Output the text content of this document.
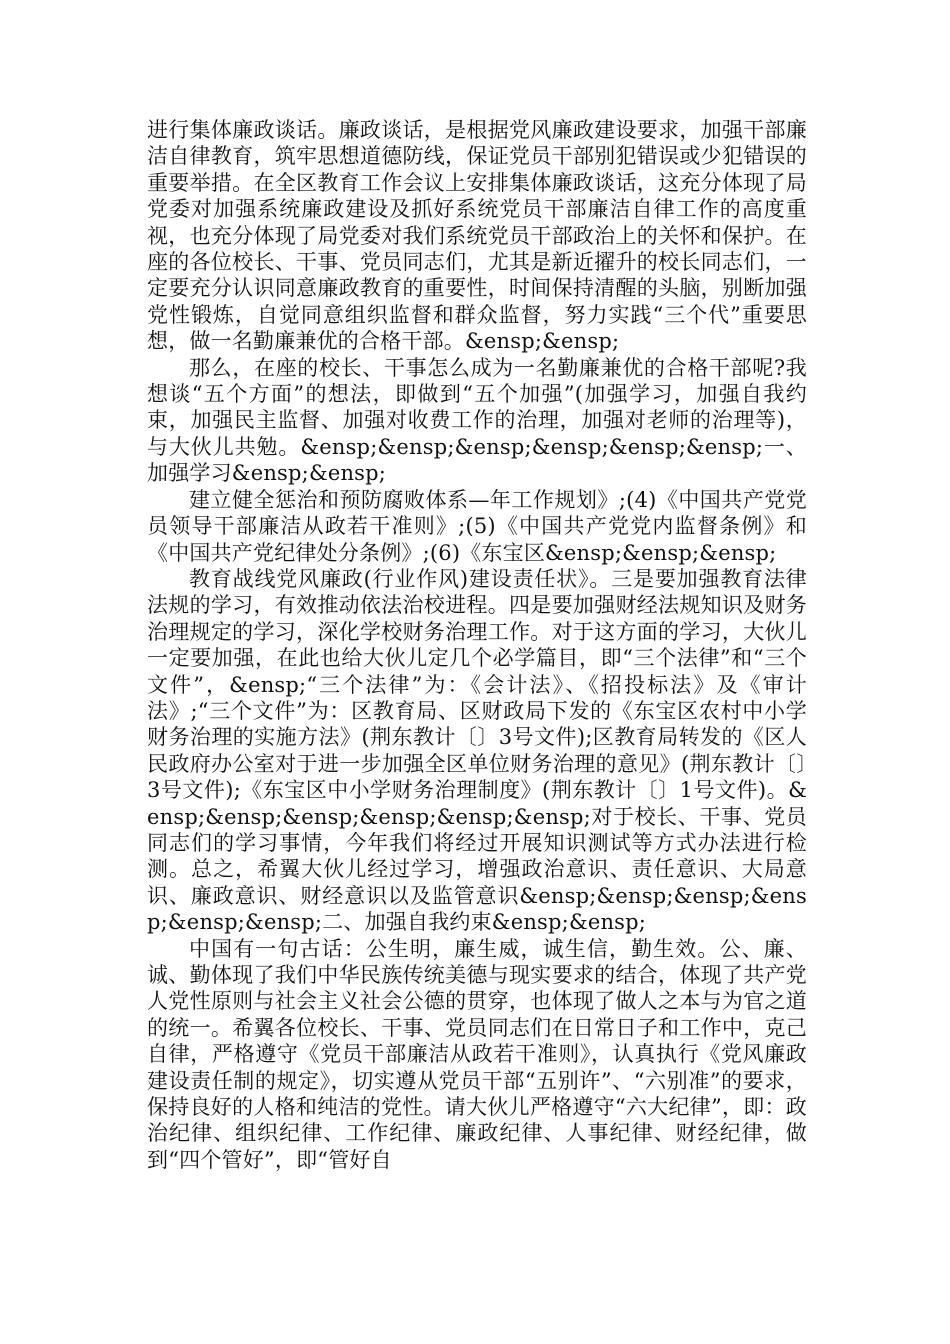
进行集体廉政谈话。廉政谈话，是根据党风廉政建设要求，加强干部廉洁自律教育，筑牢思想道德防线，保证党员干部别犯错误或少犯错误的重要举措。在全区教育工作会议上安排集体廉政谈话，这充分体现了局党委对加强系统廉政建设及抓好系统党员干部廉洁自律工作的高度重视，也充分体现了局党委对我们系统党员干部政治上的关怀和保护。在座的各位校长、干事、党员同志们，尤其是新近擢升的校长同志们，一定要充分认识同意廉政教育的重要性，时间保持清醒的头脑，别断加强党性锻炼，自觉同意组织监督和群众监督，努力实践“三个代”重要思想，做一名勤廉兼优的合格干部。&ensp;&ensp;

那么，在座的校长、干事怎么成为一名勤廉兼优的合格干部呢?我想谈“五个方面”的想法，即做到“五个加强”(加强学习，加强自我约束，加强民主监督、加强对收费工作的治理，加强对老师的治理等)，与大伙儿共勉。&ensp;&ensp;&ensp;&ensp;&ensp;&ensp;一、加强学习&ensp;&ensp;

建立健全惩治和预防腐败体系—年工作规划》;(4)《中国共产党党员领导干部廉洁从政若干准则》;(5)《中国共产党党内监督条例》和《中国共产党纪律处分条例》;(6)《东宝区&ensp;&ensp;&ensp;

教育战线党风廉政(行业作风)建设责任状》。三是要加强教育法律法规的学习，有效推动依法治校进程。四是要加强财经法规知识及财务治理规定的学习，深化学校财务治理工作。对于这方面的学习，大伙儿一定要加强，在此也给大伙儿定几个必学篇目，即“三个法律”和“三个文件”，&ensp;“三个法律”为：《会计法》、《招投标法》及《审计法》;“三个文件”为：区教育局、区财政局下发的《东宝区农村中小学财务治理的实施方法》(荆东教计〔〕3号文件);区教育局转发的《区人民政府办公室对于进一步加强全区单位财务治理的意见》(荆东教计〔〕3号文件);《东宝区中小学财务治理制度》(荆东教计〔〕1号文件)。&ensp;&ensp;&ensp;&ensp;&ensp;&ensp;对于校长、干事、党员同志们的学习事情，今年我们将经过开展知识测试等方式办法进行检测。总之，希翼大伙儿经过学习，增强政治意识、责任意识、大局意识、廉政意识、财经意识以及监管意识&ensp;&ensp;&ensp;&ensp;&ensp;&ensp;二、加强自我约束&ensp;&ensp;

中国有一句古话：公生明，廉生威，诚生信，勤生效。公、廉、诚、勤体现了我们中华民族传统美德与现实要求的结合，体现了共产党人党性原则与社会主义社会公德的贯穿，也体现了做人之本与为官之道的统一。希翼各位校长、干事、党员同志们在日常日子和工作中，克己自律，严格遵守《党员干部廉洁从政若干准则》，认真执行《党风廉政建设责任制的规定》，切实遵从党员干部“五别许”、“六别准”的要求，保持良好的人格和纯洁的党性。请大伙儿严格遵守“六大纪律”，即：政治纪律、组织纪律、工作纪律、廉政纪律、人事纪律、财经纪律，做到“四个管好”，即“管好自
